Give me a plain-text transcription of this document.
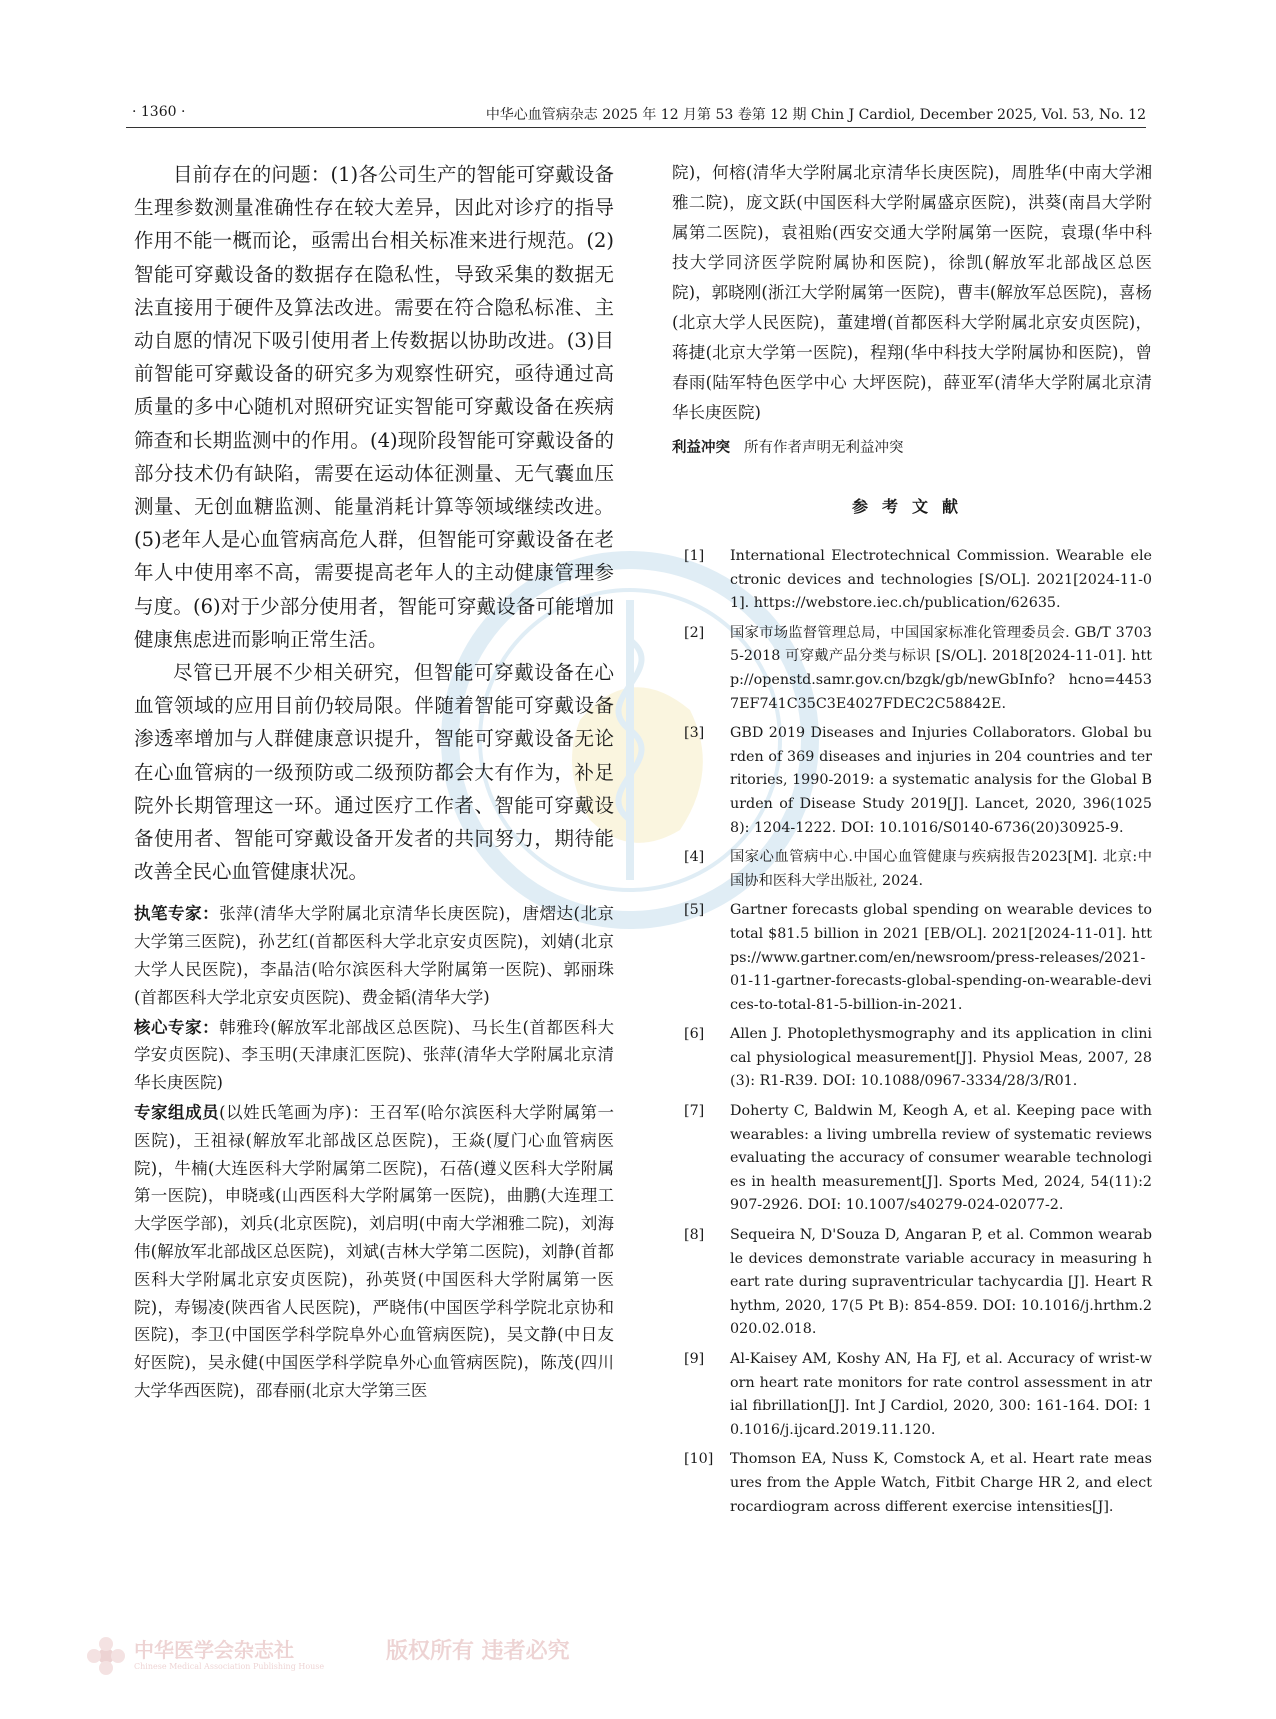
· 1360 ·	中华心血管病杂志 2025 年 12 月第 53 卷第 12 期 Chin J Cardiol, December 2025, Vol. 53, No. 12

目前存在的问题：(1)各公司生产的智能可穿戴设备生理参数测量准确性存在较大差异，因此对诊疗的指导作用不能一概而论，亟需出台相关标准来进行规范。(2)智能可穿戴设备的数据存在隐私性，导致采集的数据无法直接用于硬件及算法改进。需要在符合隐私标准、主动自愿的情况下吸引使用者上传数据以协助改进。(3)目前智能可穿戴设备的研究多为观察性研究，亟待通过高质量的多中心随机对照研究证实智能可穿戴设备在疾病筛查和长期监测中的作用。(4)现阶段智能可穿戴设备的部分技术仍有缺陷，需要在运动体征测量、无气囊血压测量、无创血糖监测、能量消耗计算等领域继续改进。(5)老年人是心血管病高危人群，但智能可穿戴设备在老年人中使用率不高，需要提高老年人的主动健康管理参与度。(6)对于少部分使用者，智能可穿戴设备可能增加健康焦虑进而影响正常生活。

尽管已开展不少相关研究，但智能可穿戴设备在心血管领域的应用目前仍较局限。伴随着智能可穿戴设备渗透率增加与人群健康意识提升，智能可穿戴设备无论在心血管病的一级预防或二级预防都会大有作为，补足院外长期管理这一环。通过医疗工作者、智能可穿戴设备使用者、智能可穿戴设备开发者的共同努力，期待能改善全民心血管健康状况。

执笔专家：张萍(清华大学附属北京清华长庚医院)，唐熠达(北京大学第三医院)，孙艺红(首都医科大学北京安贞医院)，刘婧(北京大学人民医院)，李晶洁(哈尔滨医科大学附属第一医院)、郭丽珠(首都医科大学北京安贞医院)、费金韬(清华大学)

核心专家：韩雅玲(解放军北部战区总医院)、马长生(首都医科大学安贞医院)、李玉明(天津康汇医院)、张萍(清华大学附属北京清华长庚医院)

专家组成员(以姓氏笔画为序)：王召军(哈尔滨医科大学附属第一医院)，王祖禄(解放军北部战区总医院)，王焱(厦门心血管病医院)，牛楠(大连医科大学附属第二医院)，石蓓(遵义医科大学附属第一医院)，申晓彧(山西医科大学附属第一医院)，曲鹏(大连理工大学医学部)，刘兵(北京医院)，刘启明(中南大学湘雅二院)，刘海伟(解放军北部战区总医院)，刘斌(吉林大学第二医院)，刘静(首都医科大学附属北京安贞医院)，孙英贤(中国医科大学附属第一医院)，寿锡凌(陕西省人民医院)，严晓伟(中国医学科学院北京协和医院)，李卫(中国医学科学院阜外心血管病医院)，吴文静(中日友好医院)，吴永健(中国医学科学院阜外心血管病医院)，陈茂(四川大学华西医院)，邵春丽(北京大学第三医

院)，何榕(清华大学附属北京清华长庚医院)，周胜华(中南大学湘雅二院)，庞文跃(中国医科大学附属盛京医院)，洪葵(南昌大学附属第二医院)，袁祖贻(西安交通大学附属第一医院，袁璟(华中科技大学同济医学院附属协和医院)，徐凯(解放军北部战区总医院)，郭晓刚(浙江大学附属第一医院)，曹丰(解放军总医院)，喜杨(北京大学人民医院)，董建增(首都医科大学附属北京安贞医院)，蒋捷(北京大学第一医院)，程翔(华中科技大学附属协和医院)，曾春雨(陆军特色医学中心 大坪医院)，薛亚军(清华大学附属北京清华长庚医院)

利益冲突 所有作者声明无利益冲突
参考文献
[1] International Electrotechnical Commission. Wearable electronic devices and technologies [S/OL]. 2021[2024-11-01]. https://webstore.iec.ch/publication/62635.
[2] 国家市场监督管理总局，中国国家标准化管理委员会. GB/T 37035-2018 可穿戴产品分类与标识 [S/OL]. 2018[2024-11-01]. http://openstd.samr.gov.cn/bzgk/gb/newGbInfo? hcno=44537EF741C35C3E4027FDEC2C58842E.
[3] GBD 2019 Diseases and Injuries Collaborators. Global burden of 369 diseases and injuries in 204 countries and territories, 1990-2019: a systematic analysis for the Global Burden of Disease Study 2019[J]. Lancet, 2020, 396(10258): 1204-1222. DOI: 10.1016/S0140-6736(20)30925-9.
[4] 国家心血管病中心.中国心血管健康与疾病报告2023[M]. 北京:中国协和医科大学出版社, 2024.
[5] Gartner forecasts global spending on wearable devices to total $81.5 billion in 2021 [EB/OL]. 2021[2024-11-01]. https://www.gartner.com/en/newsroom/press-releases/2021-01-11-gartner-forecasts-global-spending-on-wearable-devices-to-total-81-5-billion-in-2021.
[6] Allen J. Photoplethysmography and its application in clinical physiological measurement[J]. Physiol Meas, 2007, 28(3): R1-R39. DOI: 10.1088/0967-3334/28/3/R01.
[7] Doherty C, Baldwin M, Keogh A, et al. Keeping pace with wearables: a living umbrella review of systematic reviews evaluating the accuracy of consumer wearable technologies in health measurement[J]. Sports Med, 2024, 54(11):2907-2926. DOI: 10.1007/s40279-024-02077-2.
[8] Sequeira N, D'Souza D, Angaran P, et al. Common wearable devices demonstrate variable accuracy in measuring heart rate during supraventricular tachycardia [J]. Heart Rhythm, 2020, 17(5 Pt B): 854-859. DOI: 10.1016/j.hrthm.2020.02.018.
[9] Al-Kaisey AM, Koshy AN, Ha FJ, et al. Accuracy of wrist-worn heart rate monitors for rate control assessment in atrial fibrillation[J]. Int J Cardiol, 2020, 300: 161-164. DOI: 10.1016/j.ijcard.2019.11.120.
[10] Thomson EA, Nuss K, Comstock A, et al. Heart rate measures from the Apple Watch, Fitbit Charge HR 2, and electrocardiogram across different exercise intensities[J].
中华医学会杂志社
Chinese Medical Association Publishing House
版权所有 违者必究
